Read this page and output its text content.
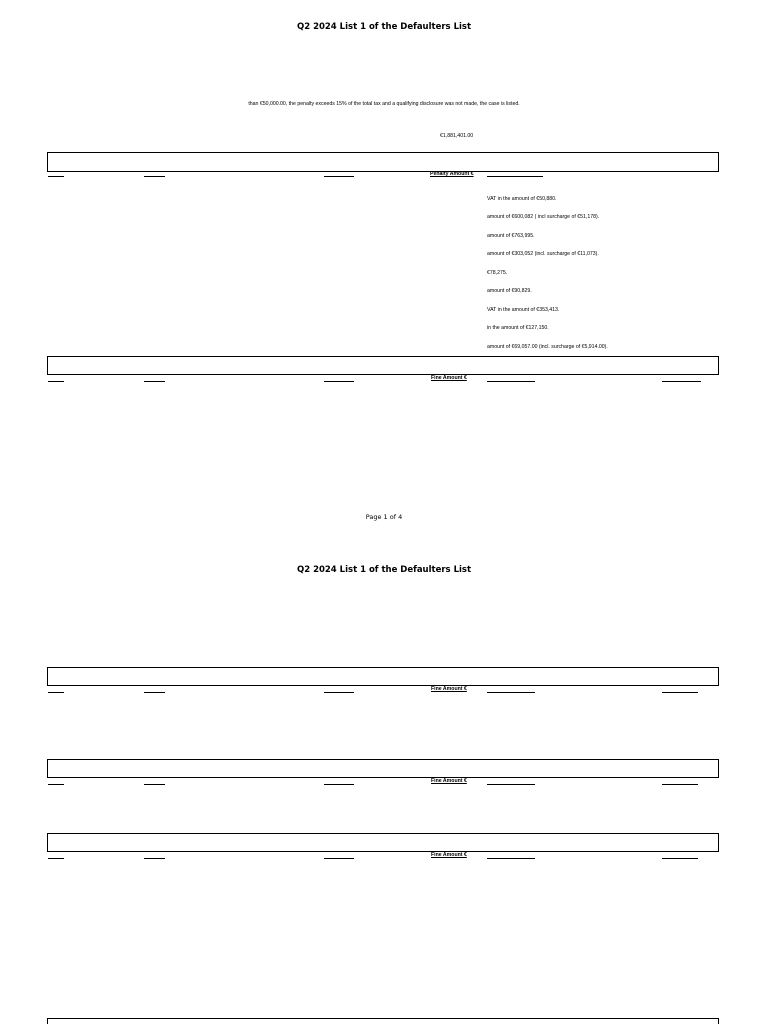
Q2 2024 List 1 of the Defaulters List
than €50,000.00, the penalty exceeds 15% of the total tax and a qualifying disclosure was not made, the case is listed.
€1,881,401.00
Penalty Amount €
VAT in the amount of €50,880.
amount of €600,082 ( incl surcharge of €51,178).
amount of €763,995.
amount of €303,052 (incl. surcharge of €11,073).
€78,275.
amount of €90,829.
VAT in the amount of €353,413.
in the amount of €127,150.
amount of €69,057.00 (incl. surcharge of €5,914.00).
Fine Amount €
Page 1 of 4
Q2 2024 List 1 of the Defaulters List
Fine Amount €
Fine Amount €
Fine Amount €
